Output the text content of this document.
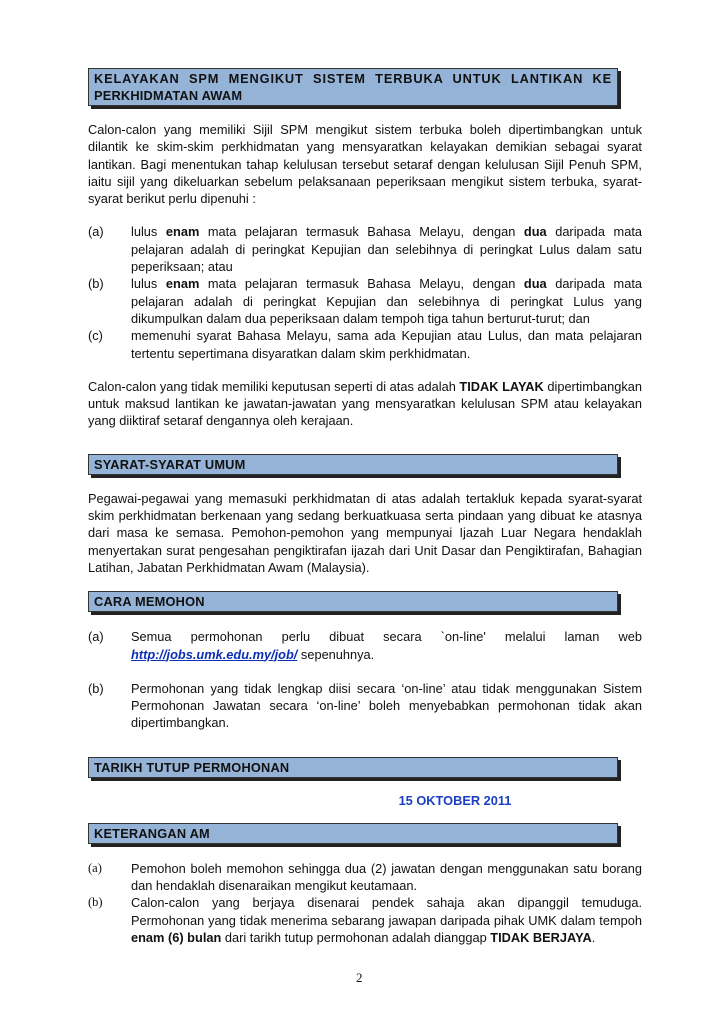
KELAYAKAN SPM MENGIKUT SISTEM TERBUKA UNTUK LANTIKAN KE
PERKHIDMATAN AWAM

Calon-calon yang memiliki Sijil SPM mengikut sistem terbuka boleh dipertimbangkan untuk dilantik ke skim-skim perkhidmatan yang mensyaratkan kelayakan demikian sebagai syarat lantikan. Bagi menentukan tahap kelulusan tersebut setaraf dengan kelulusan Sijil Penuh SPM, iaitu sijil yang dikeluarkan sebelum pelaksanaan peperiksaan mengikut sistem terbuka, syarat-syarat berikut perlu dipenuhi :

(a)	lulus enam mata pelajaran termasuk Bahasa Melayu, dengan dua daripada mata pelajaran adalah di peringkat Kepujian dan selebihnya di peringkat Lulus dalam satu peperiksaan; atau
(b)	lulus enam mata pelajaran termasuk Bahasa Melayu, dengan dua daripada mata pelajaran adalah di peringkat Kepujian dan selebihnya di peringkat Lulus yang dikumpulkan dalam dua peperiksaan dalam tempoh tiga tahun berturut-turut; dan
(c)	memenuhi syarat Bahasa Melayu, sama ada Kepujian atau Lulus, dan mata pelajaran tertentu sepertimana disyaratkan dalam skim perkhidmatan.

Calon-calon yang tidak memiliki keputusan seperti di atas adalah TIDAK LAYAK dipertimbangkan untuk maksud lantikan ke jawatan-jawatan yang mensyaratkan kelulusan SPM atau kelayakan yang diiktiraf setaraf dengannya oleh kerajaan.

SYARAT-SYARAT UMUM

Pegawai-pegawai yang memasuki perkhidmatan di atas adalah tertakluk kepada syarat-syarat skim perkhidmatan berkenaan yang sedang berkuatkuasa serta pindaan yang dibuat ke atasnya dari masa ke semasa. Pemohon-pemohon yang mempunyai Ijazah Luar Negara hendaklah menyertakan surat pengesahan pengiktirafan ijazah dari Unit Dasar dan Pengiktirafan, Bahagian Latihan, Jabatan Perkhidmatan Awam (Malaysia).

CARA MEMOHON
(a)	Semua permohonan perlu dibuat secara `on-line' melalui laman web
http://jobs.umk.edu.my/job/ sepenuhnya.
(b)	Permohonan yang tidak lengkap diisi secara ‘on-line’ atau tidak menggunakan Sistem Permohonan Jawatan secara ‘on-line’ boleh menyebabkan permohonan tidak akan dipertimbangkan.
TARIKH TUTUP PERMOHONAN
15 OKTOBER 2011
KETERANGAN AM
(a)	Pemohon boleh memohon sehingga dua (2) jawatan dengan menggunakan satu borang dan hendaklah disenaraikan mengikut keutamaan.
(b)	Calon-calon yang berjaya disenarai pendek sahaja akan dipanggil temuduga. Permohonan yang tidak menerima sebarang jawapan daripada pihak UMK dalam tempoh enam (6) bulan dari tarikh tutup permohonan adalah dianggap TIDAK BERJAYA.
2
